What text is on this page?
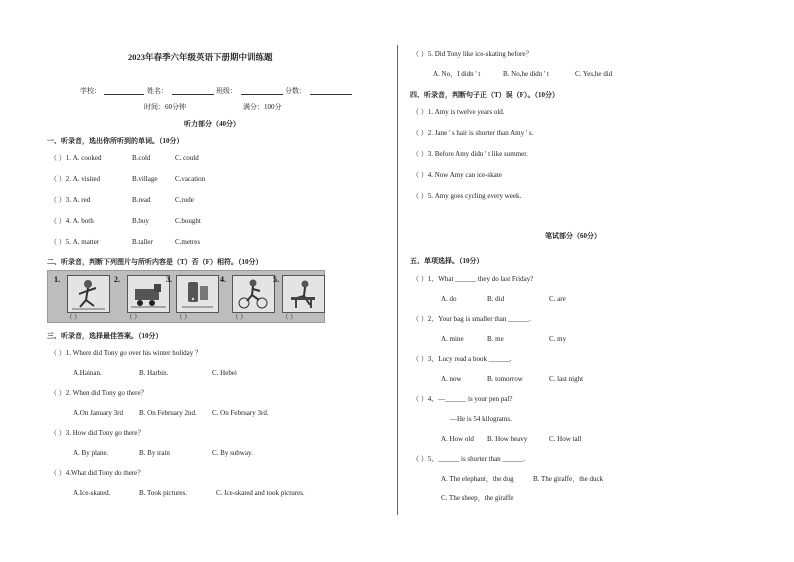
2023年春季六年级英语下册期中训练题
学校：	姓名：	班级：	分数：
时间：60分钟	满分：100分
听力部分（40分）
一、听录音，选出你所听到的单词。（10分）
（ ）1. A. cooked	B.cold	C. could
（ ）2. A. visited	B.village	C.vacation
（ ）3. A. red	B.read	C.rode
（ ）4. A. both	B.buy	C.bought
（ ）5. A. matter	B.taller	C.metres
二、听录音，判断下列图片与所听内容是（T）否（F）相符。（10分）
1.
（ ）
2.
（ ）
3.
（ ）
4.
（ ）
5.
（ ）
三、听录音，选择最佳答案。（10分）
（ ）1. Where did Tony go over his winter holiday ？
A.Hainan.	B. Harbin.	C. Hebei
（ ）2. When did Tony go there？
A.On January 3rd B. On February 2nd. C. On February 3rd.
（ ）3. How did Tony go there？
A. By plane.	B. By train	C. By subway.
（ ）4.What did Tony do there？
A.Ice-skated.	B. Took pictures.	C. Ice-skated and took pictures.
（ ）5. Did Tony like ice-skating before？
A. No，I didn ' t	B. No,he didn ' t	C. Yes,he did
四、听录音，判断句子正（T）误（F）。（10分）
（ ）1. Amy is twelve years old.
（ ）2. Jane ' s hair is shorter than Amy ' s.
（ ）3. Before Amy didn ' t like summer.
（ ）4. Now Amy can ice-skate
（ ）5. Amy goes cycling every week.
笔试部分（60分）
五、单项选择。（10分）
（ ）1、What ______ they do last Friday?
A. do	B. did	C. are
（ ）2、Your bag is smaller than ______.
A. mine	B. me	C. my
（ ）3、Lucy read a book ______.
A. now	B. tomorrow	C. last night
（ ）4、—______ is your pen pal?
—He is 54 kilograms.
A. How old B. How heavy	C. How tall
（ ）5、______ is shorter than ______.
A. The elephant，the dog	B. The giraffe，the duck
C. The sheep，the giraffe
